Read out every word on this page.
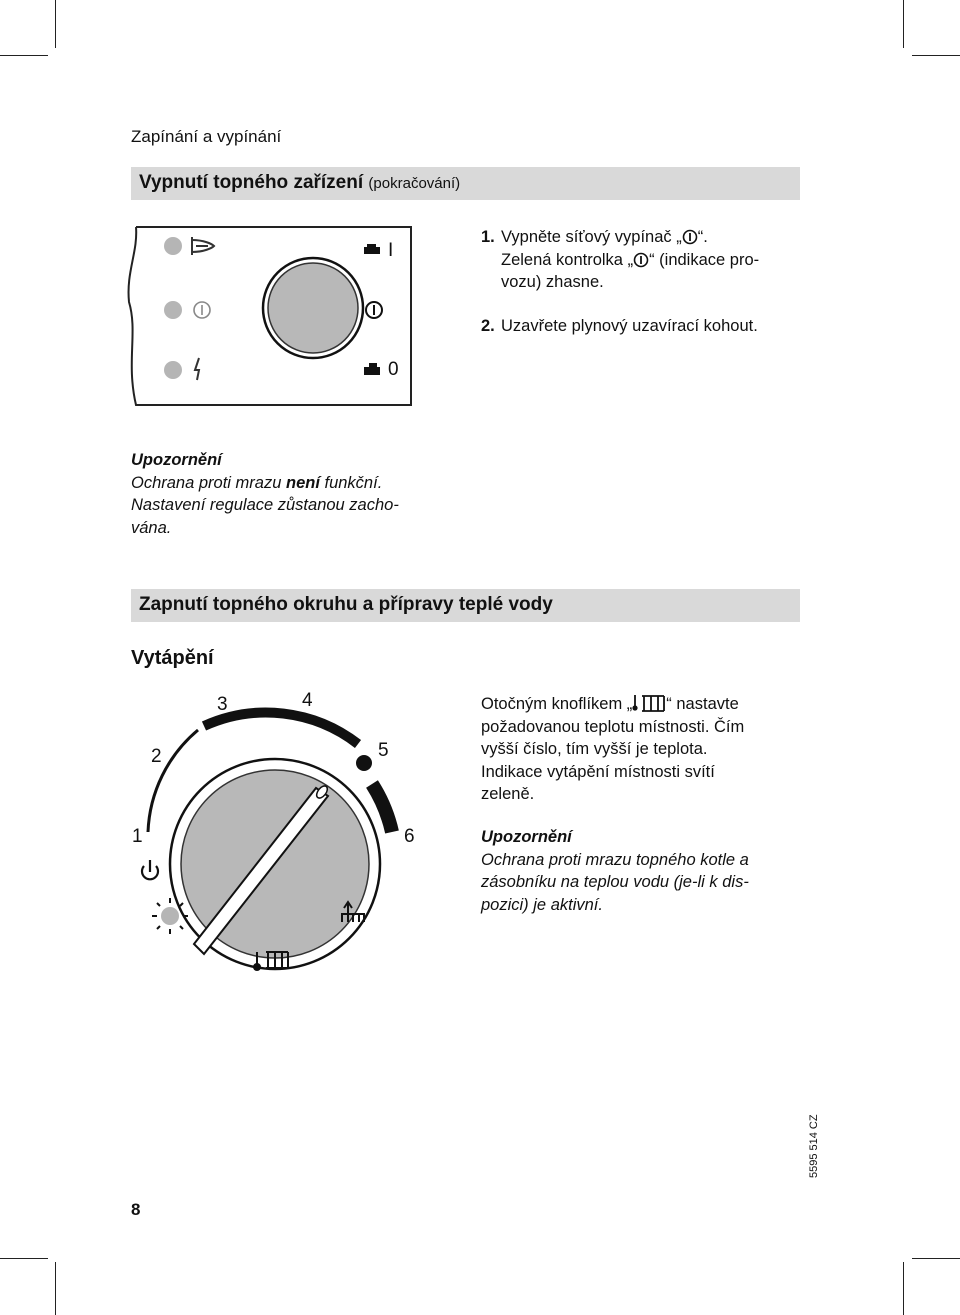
Zapínání a vypínání
Vypnutí topného zařízení (pokračování)
I
0
1. Vypněte síťový vypínač „ “.
Zelená kontrolka „ “ (indikace pro-
vozu) zhasne.
2. Uzavřete plynový uzavírací kohout.
Upozornění
Ochrana proti mrazu není funkční.
Nastavení regulace zůstanou zacho-
vána.
Zapnutí topného okruhu a přípravy teplé vody
Vytápění
1
2
3	4
5
6
Otočným knoflíkem „ “ nastavte
požadovanou teplotu místnosti. Čím
vyšší číslo, tím vyšší je teplota.
Indikace vytápění místnosti svítí
zeleně.
Upozornění
Ochrana proti mrazu topného kotle a
zásobníku na teplou vodu (je-li k dis-
pozici) je aktivní.
8
5595 514 CZ
